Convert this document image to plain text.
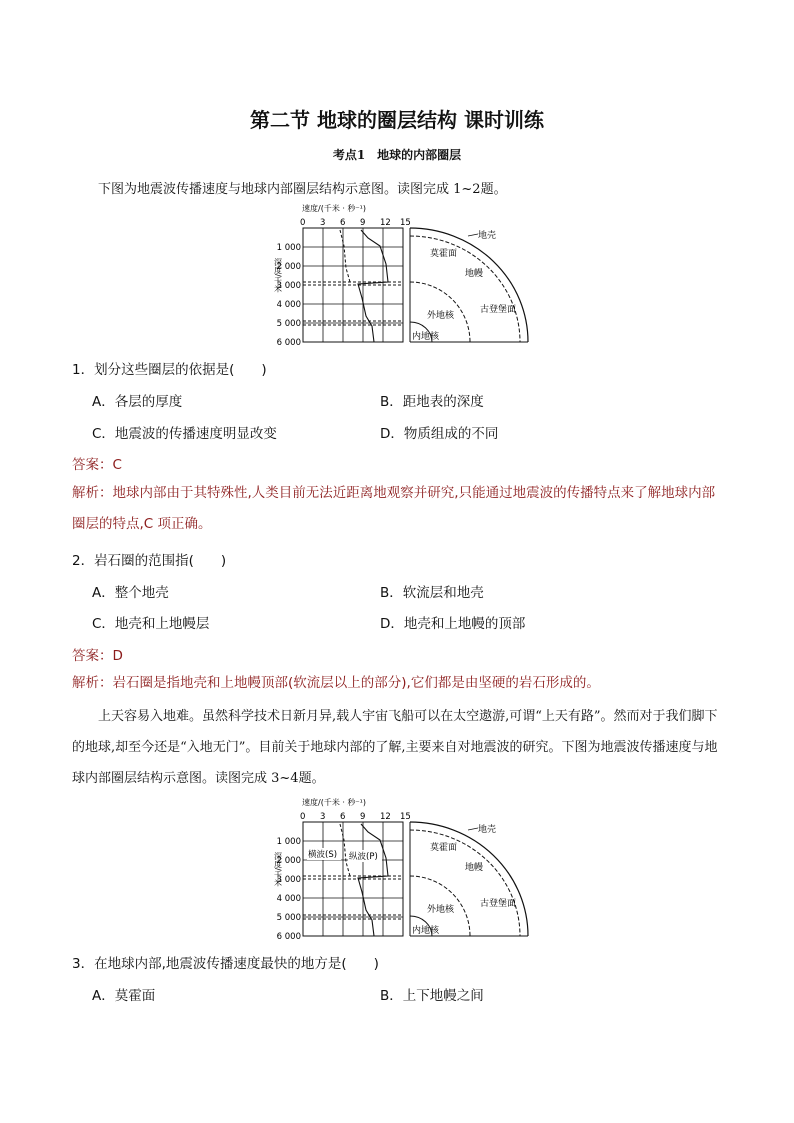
第二节 地球的圈层结构 课时训练
考点1　地球的内部圈层
下图为地震波传播速度与地球内部圈层结构示意图。读图完成 1~2题。
速度/(千米 · 秒⁻¹)
0 3 6 9 12 15
1 000
2 000
3 000
4 000
5 000
6 000
深度/千米
地壳
莫霍面
地幔
古登堡面
外地核
内地核
1．划分这些圈层的依据是(　　)
A．各层的厚度	B．距地表的深度
C．地震波的传播速度明显改变	D．物质组成的不同
答案：C
解析：地球内部由于其特殊性,人类目前无法近距离地观察并研究,只能通过地震波的传播特点来了解地球内部圈层的特点,C 项正确。
2．岩石圈的范围指(　　)
A．整个地壳	B．软流层和地壳
C．地壳和上地幔层	D．地壳和上地幔的顶部
答案：D
解析：岩石圈是指地壳和上地幔顶部(软流层以上的部分),它们都是由坚硬的岩石形成的。
上天容易入地难。虽然科学技术日新月异,载人宇宙飞船可以在太空遨游,可谓“上天有路”。然而对于我们脚下的地球,却至今还是“入地无门”。目前关于地球内部的了解,主要来自对地震波的研究。下图为地震波传播速度与地球内部圈层结构示意图。读图完成 3~4题。
速度/(千米 · 秒⁻¹)
0 3 6 9 12 15
1 000
2 000
3 000
4 000
5 000
6 000
深度/千米	横波(S) 纵波(P)
地壳
莫霍面
地幔
古登堡面
外地核
内地核
3．在地球内部,地震波传播速度最快的地方是(　　)
A．莫霍面	B．上下地幔之间
